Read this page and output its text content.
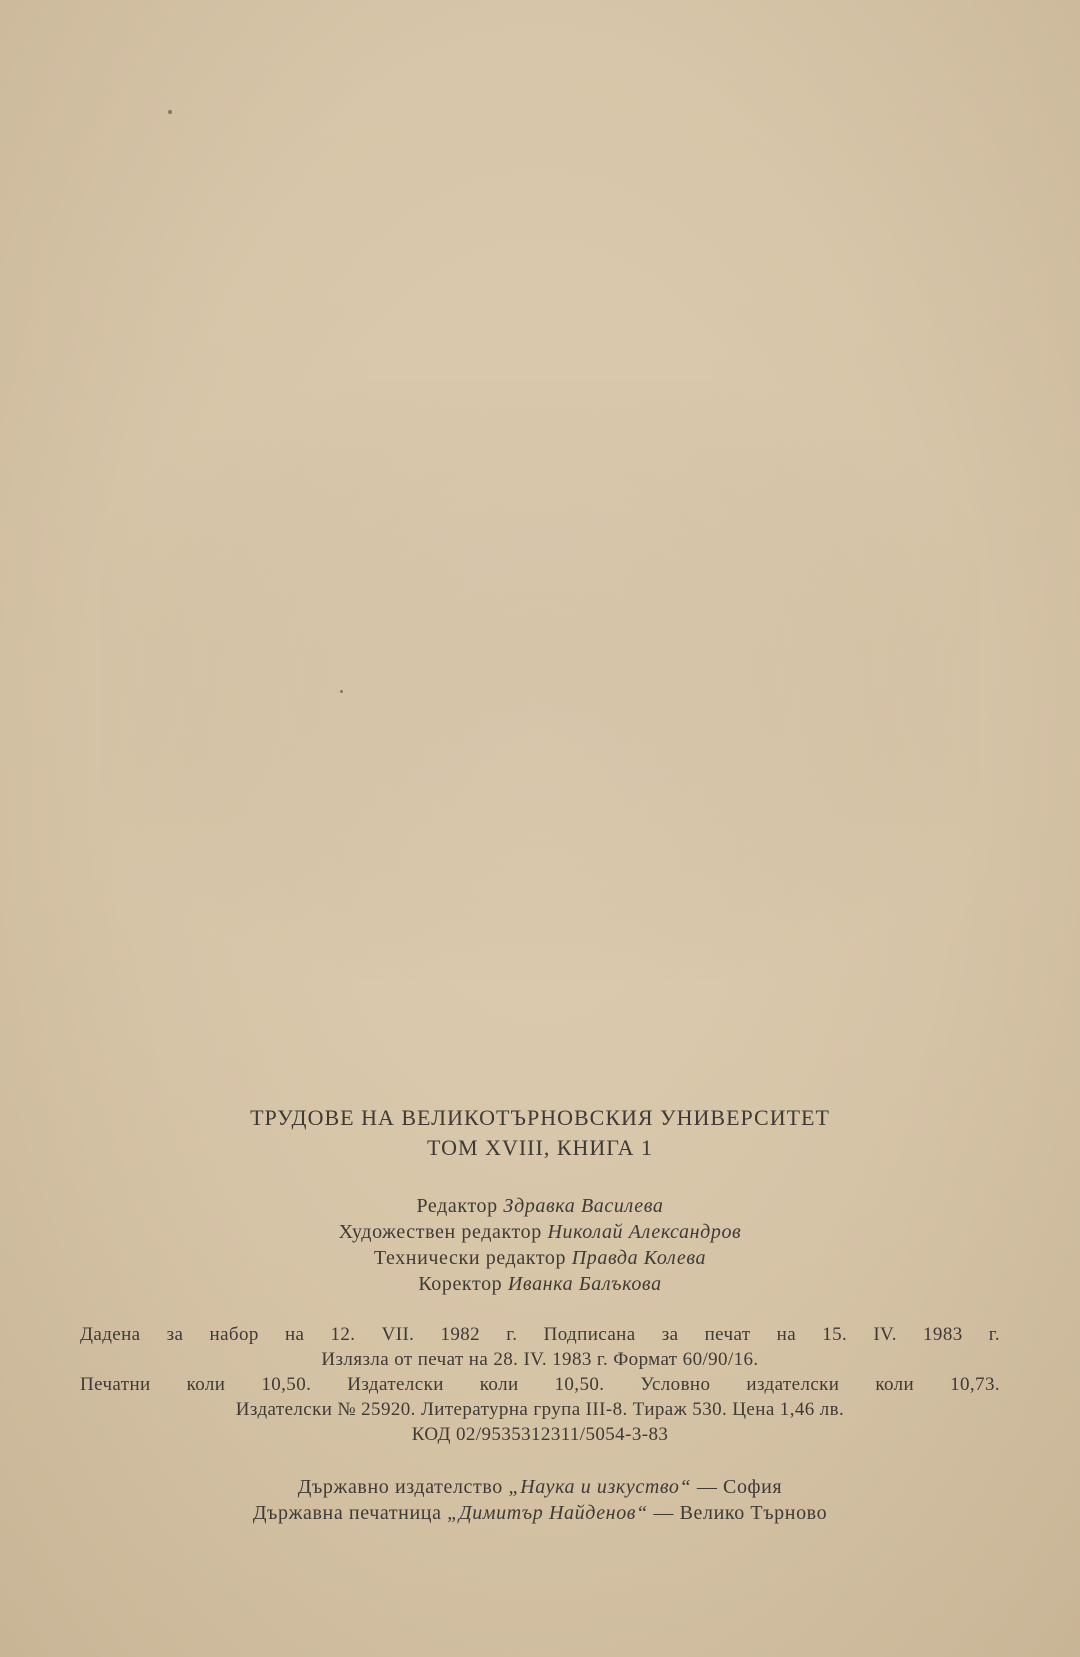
ТРУДОВЕ НА ВЕЛИКОТЪРНОВСКИЯ УНИВЕРСИТЕТ
ТОМ XVIII, КНИГА 1
Редактор Здравка Василева
Художествен редактор Николай Александров
Технически редактор Правда Колева
Коректор Иванка Балъкова
Дадена за набор на 12. VII. 1982 г. Подписана за печат на 15. IV. 1983 г.
Излязла от печат на 28. IV. 1983 г. Формат 60/90/16.
Печатни коли 10,50. Издателски коли 10,50. Условно издателски коли 10,73.
Издателски № 25920. Литературна група III-8. Тираж 530. Цена 1,46 лв.
КОД 02/9535312311/5054-3-83
Държавно издателство „Наука и изкуство“ — София
Държавна печатница „Димитър Найденов“ — Велико Търново
